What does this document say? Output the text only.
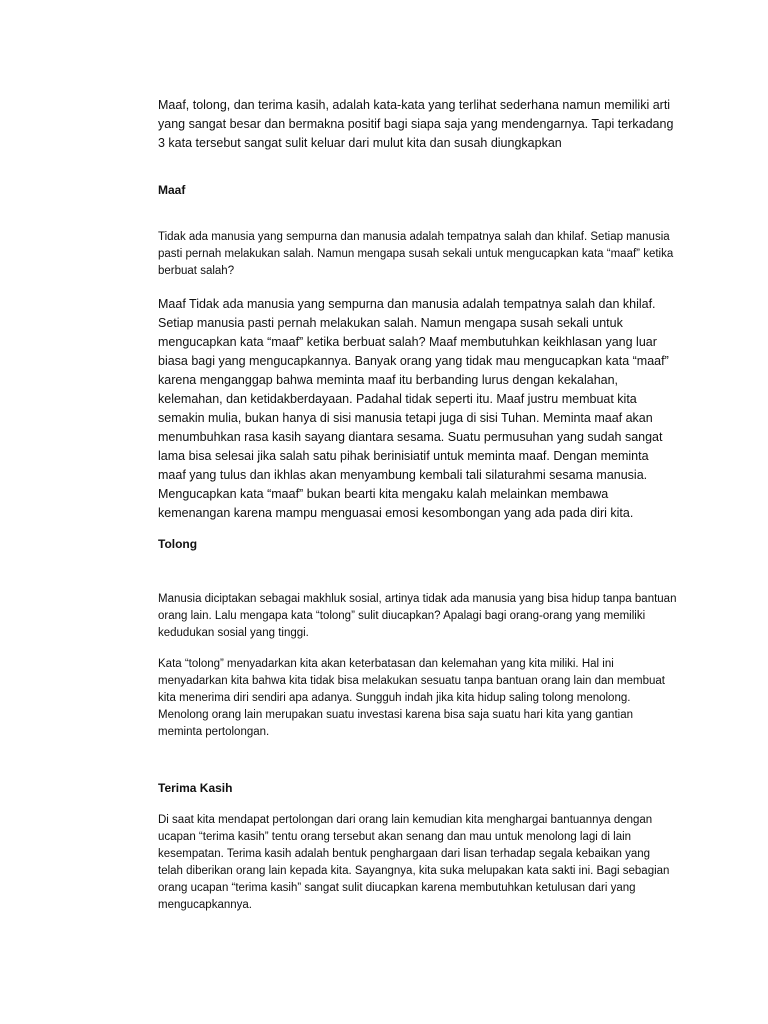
Maaf, tolong, dan terima kasih, adalah kata-kata yang terlihat sederhana namun memiliki arti yang sangat besar dan bermakna positif bagi siapa saja yang mendengarnya. Tapi terkadang 3 kata tersebut sangat sulit keluar dari mulut kita dan susah diungkapkan

Maaf

Tidak ada manusia yang sempurna dan manusia adalah tempatnya salah dan khilaf. Setiap manusia pasti pernah melakukan salah. Namun mengapa susah sekali untuk mengucapkan kata “maaf” ketika berbuat salah?

Maaf Tidak ada manusia yang sempurna dan manusia adalah tempatnya salah dan khilaf. Setiap manusia pasti pernah melakukan salah. Namun mengapa susah sekali untuk mengucapkan kata “maaf” ketika berbuat salah? Maaf membutuhkan keikhlasan yang luar biasa bagi yang mengucapkannya. Banyak orang yang tidak mau mengucapkan kata “maaf” karena menganggap bahwa meminta maaf itu berbanding lurus dengan kekalahan, kelemahan, dan ketidakberdayaan. Padahal tidak seperti itu. Maaf justru membuat kita semakin mulia, bukan hanya di sisi manusia tetapi juga di sisi Tuhan. Meminta maaf akan menumbuhkan rasa kasih sayang diantara sesama. Suatu permusuhan yang sudah sangat lama bisa selesai jika salah satu pihak berinisiatif untuk meminta maaf. Dengan meminta maaf yang tulus dan ikhlas akan menyambung kembali tali silaturahmi sesama manusia. Mengucapkan kata “maaf” bukan bearti kita mengaku kalah melainkan membawa kemenangan karena mampu menguasai emosi kesombongan yang ada pada diri kita.

Tolong

Manusia diciptakan sebagai makhluk sosial, artinya tidak ada manusia yang bisa hidup tanpa bantuan orang lain. Lalu mengapa kata “tolong” sulit diucapkan? Apalagi bagi orang-orang yang memiliki kedudukan sosial yang tinggi.

Kata “tolong” menyadarkan kita akan keterbatasan dan kelemahan yang kita miliki. Hal ini menyadarkan kita bahwa kita tidak bisa melakukan sesuatu tanpa bantuan orang lain dan membuat kita menerima diri sendiri apa adanya. Sungguh indah jika kita hidup saling tolong menolong. Menolong orang lain merupakan suatu investasi karena bisa saja suatu hari kita yang gantian meminta pertolongan.

Terima Kasih

Di saat kita mendapat pertolongan dari orang lain kemudian kita menghargai bantuannya dengan ucapan “terima kasih” tentu orang tersebut akan senang dan mau untuk menolong lagi di lain kesempatan. Terima kasih adalah bentuk penghargaan dari lisan terhadap segala kebaikan yang telah diberikan orang lain kepada kita. Sayangnya, kita suka melupakan kata sakti ini. Bagi sebagian orang ucapan “terima kasih” sangat sulit diucapkan karena membutuhkan ketulusan dari yang mengucapkannya.
